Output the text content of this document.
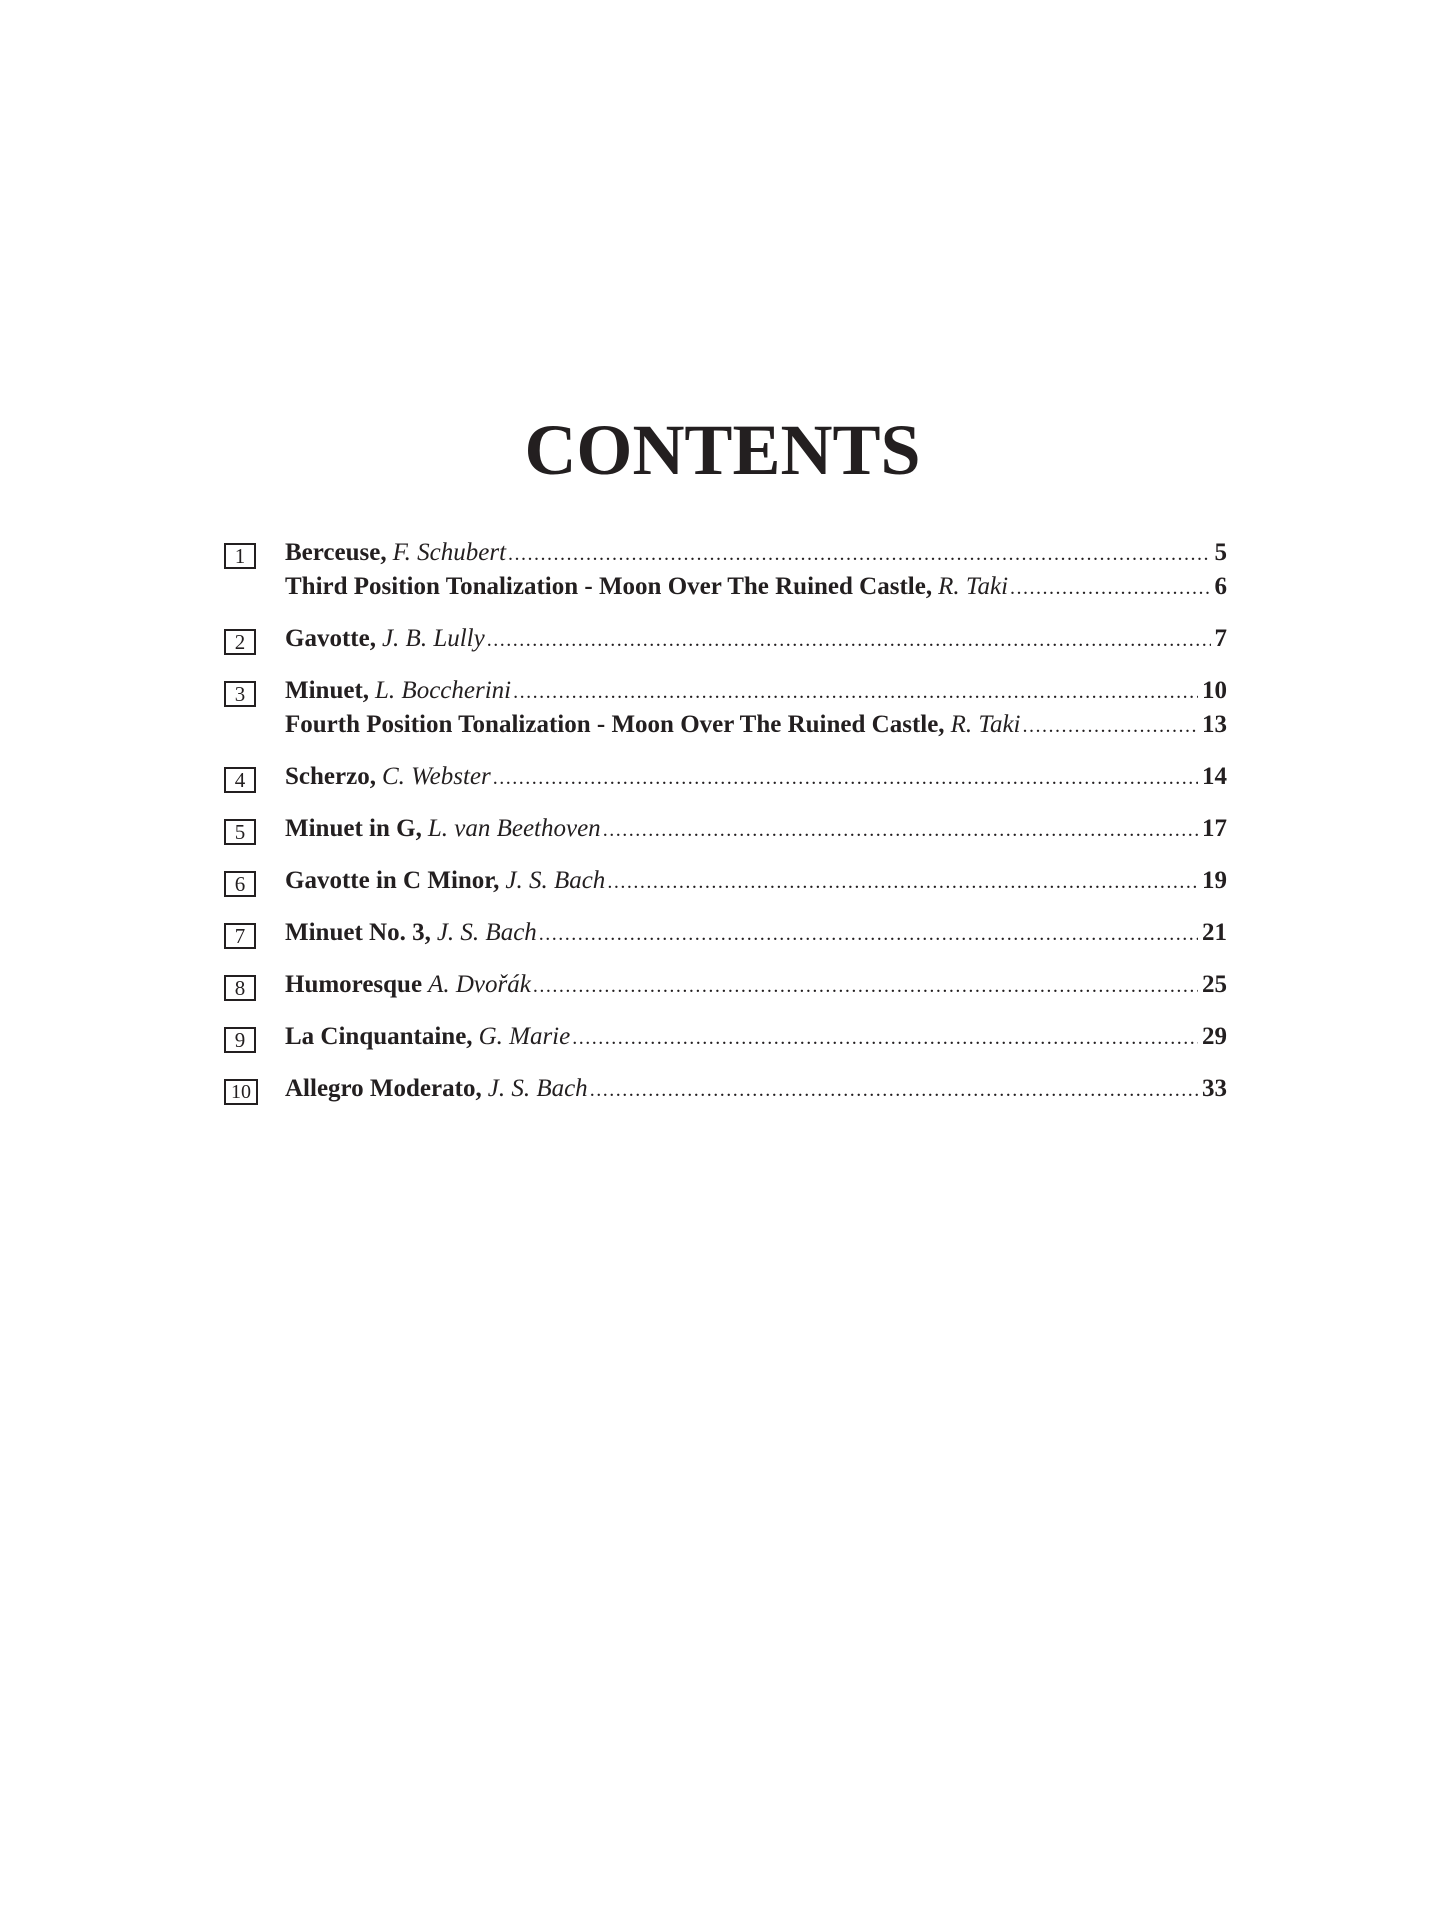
CONTENTS
1	Berceuse, F. Schubert .....	5
Third Position Tonalization - Moon Over The Ruined Castle, R. Taki .....	6
2	Gavotte, J. B. Lully .....	7
3	Minuet, L. Boccherini .....	10
Fourth Position Tonalization - Moon Over The Ruined Castle, R. Taki .....	13
4	Scherzo, C. Webster .....	14
5	Minuet in G, L. van Beethoven .....	17
6	Gavotte in C Minor, J. S. Bach .....	19
7	Minuet No. 3, J. S. Bach .....	21
8	Humoresque A. Dvořák .....	25
9	La Cinquantaine, G. Marie .....	29
10 Allegro Moderato, J. S. Bach .....	33
